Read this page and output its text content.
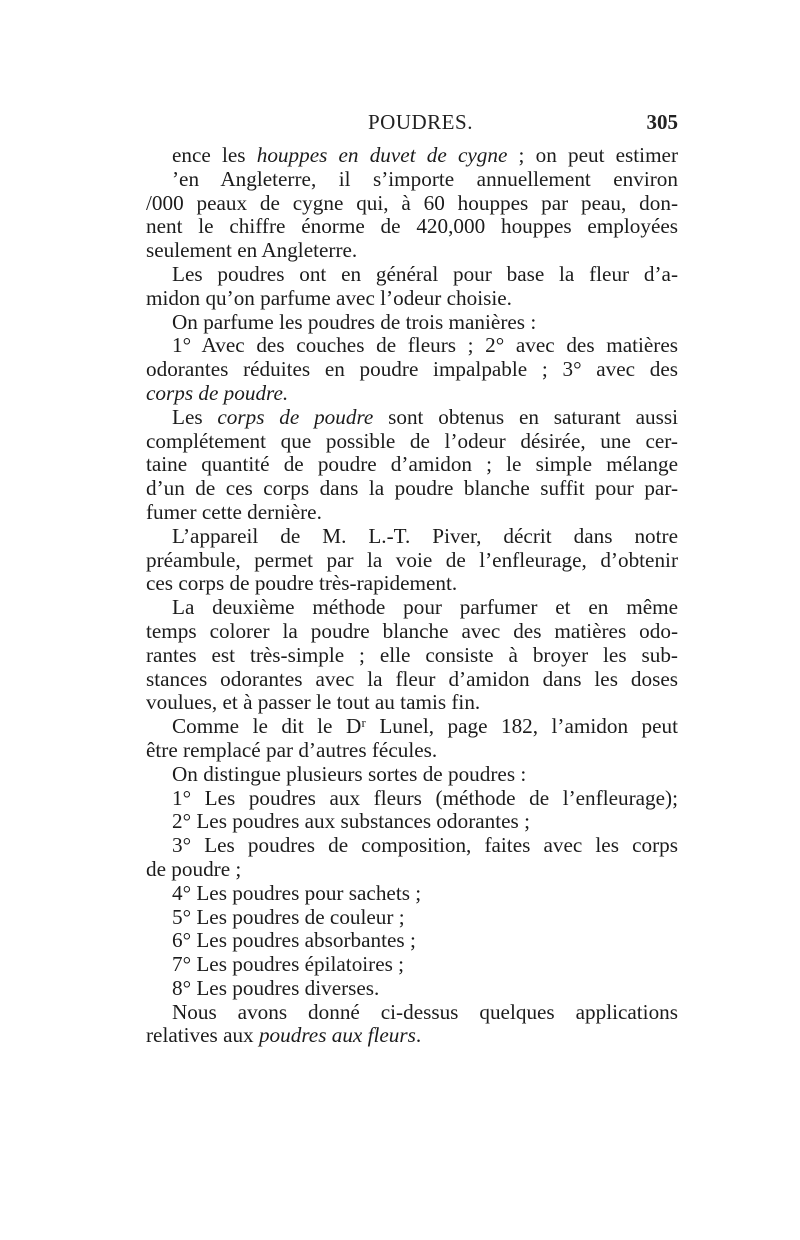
POUDRES.	305
ence les houppes en duvet de cygne ; on peut estimer
’en Angleterre, il s’importe annuellement environ
/000 peaux de cygne qui, à 60 houppes par peau, don-
nent le chiffre énorme de 420,000 houppes employées
seulement en Angleterre.
Les poudres ont en général pour base la fleur d’a-
midon qu’on parfume avec l’odeur choisie.
On parfume les poudres de trois manières :
1° Avec des couches de fleurs ; 2° avec des matières
odorantes réduites en poudre impalpable ; 3° avec des
corps de poudre.
Les corps de poudre sont obtenus en saturant aussi
complétement que possible de l’odeur désirée, une cer-
taine quantité de poudre d’amidon ; le simple mélange
d’un de ces corps dans la poudre blanche suffit pour par-
fumer cette dernière.
L’appareil de M. L.-T. Piver, décrit dans notre
préambule, permet par la voie de l’enfleurage, d’obtenir
ces corps de poudre très-rapidement.
La deuxième méthode pour parfumer et en même
temps colorer la poudre blanche avec des matières odo-
rantes est très-simple ; elle consiste à broyer les sub-
stances odorantes avec la fleur d’amidon dans les doses
voulues, et à passer le tout au tamis fin.
Comme le dit le Dʳ Lunel, page 182, l’amidon peut
être remplacé par d’autres fécules.
On distingue plusieurs sortes de poudres :
1° Les poudres aux fleurs (méthode de l’enfleurage);
2° Les poudres aux substances odorantes ;
3° Les poudres de composition, faites avec les corps
de poudre ;
4° Les poudres pour sachets ;
5° Les poudres de couleur ;
6° Les poudres absorbantes ;
7° Les poudres épilatoires ;
8° Les poudres diverses.
Nous avons donné ci-dessus quelques applications
relatives aux poudres aux fleurs.
